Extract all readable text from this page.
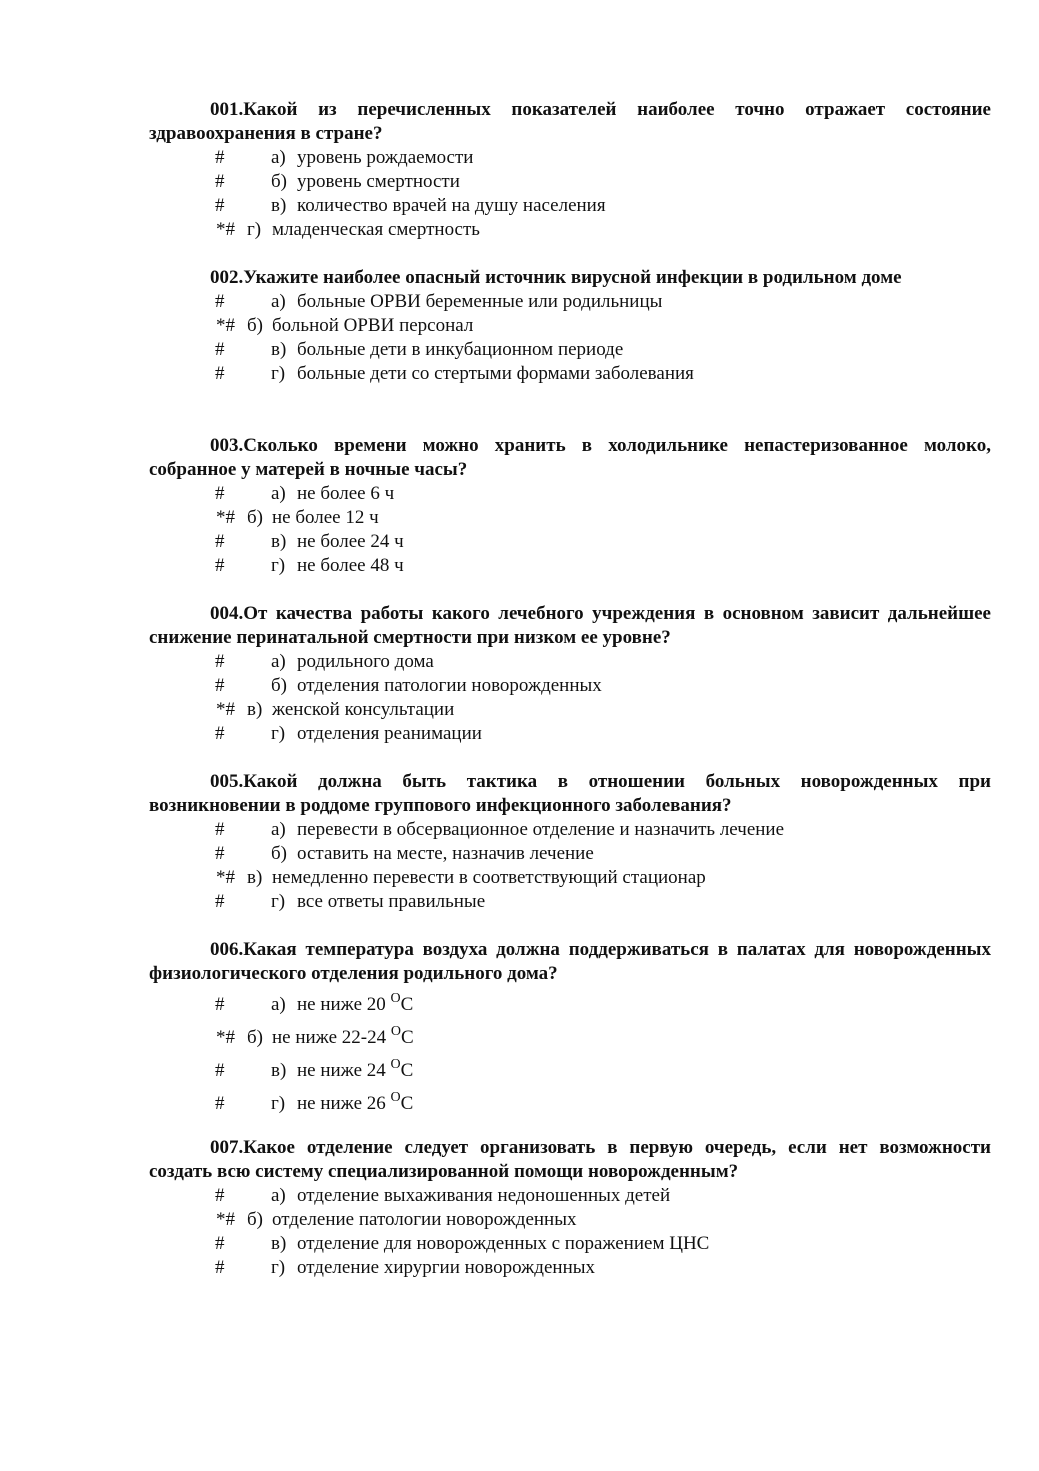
001.Какой из перечисленных показателей наиболее точно отражает состояние здравоохранения в стране?

# а) уровень рождаемости
# б) уровень смертности
# в) количество врачей на душу населения
*# г) младенческая смертность

002.Укажите наиболее опасный источник вирусной инфекции в родильном доме

# а) больные ОРВИ беременные или родильницы
*# б) больной ОРВИ персонал
# в) больные дети в инкубационном периоде
# г) больные дети со стертыми формами заболевания

003.Сколько времени можно хранить в холодильнике непастеризованное молоко, собранное у матерей в ночные часы?

# а) не более 6 ч
*# б) не более 12 ч
# в) не более 24 ч
# г) не более 48 ч

004.От качества работы какого лечебного учреждения в основном зависит дальнейшее снижение перинатальной смертности при низком ее уровне?

# а) родильного дома
# б) отделения патологии новорожденных
*# в) женской консультации
# г) отделения реанимации

005.Какой должна быть тактика в отношении больных новорожденных при возникновении в роддоме группового инфекционного заболевания?

# а) перевести в обсервационное отделение и назначить лечение
# б) оставить на месте, назначив лечение
*# в) немедленно перевести в соответствующий стационар
# г) все ответы правильные

006.Какая температура воздуха должна поддерживаться в палатах для новорожденных физиологического отделения родильного дома?

# а) не ниже 20 $^O$C
*# б) не ниже 22-24 $^O$C
# в) не ниже 24 $^O$C
# г) не ниже 26 $^O$C

007.Какое отделение следует организовать в первую очередь, если нет возможности создать всю систему специализированной помощи новорожденным?

# а) отделение выхаживания недоношенных детей
*# б) отделение патологии новорожденных
# в) отделение для новорожденных с поражением ЦНС
# г) отделение хирургии новорожденных
